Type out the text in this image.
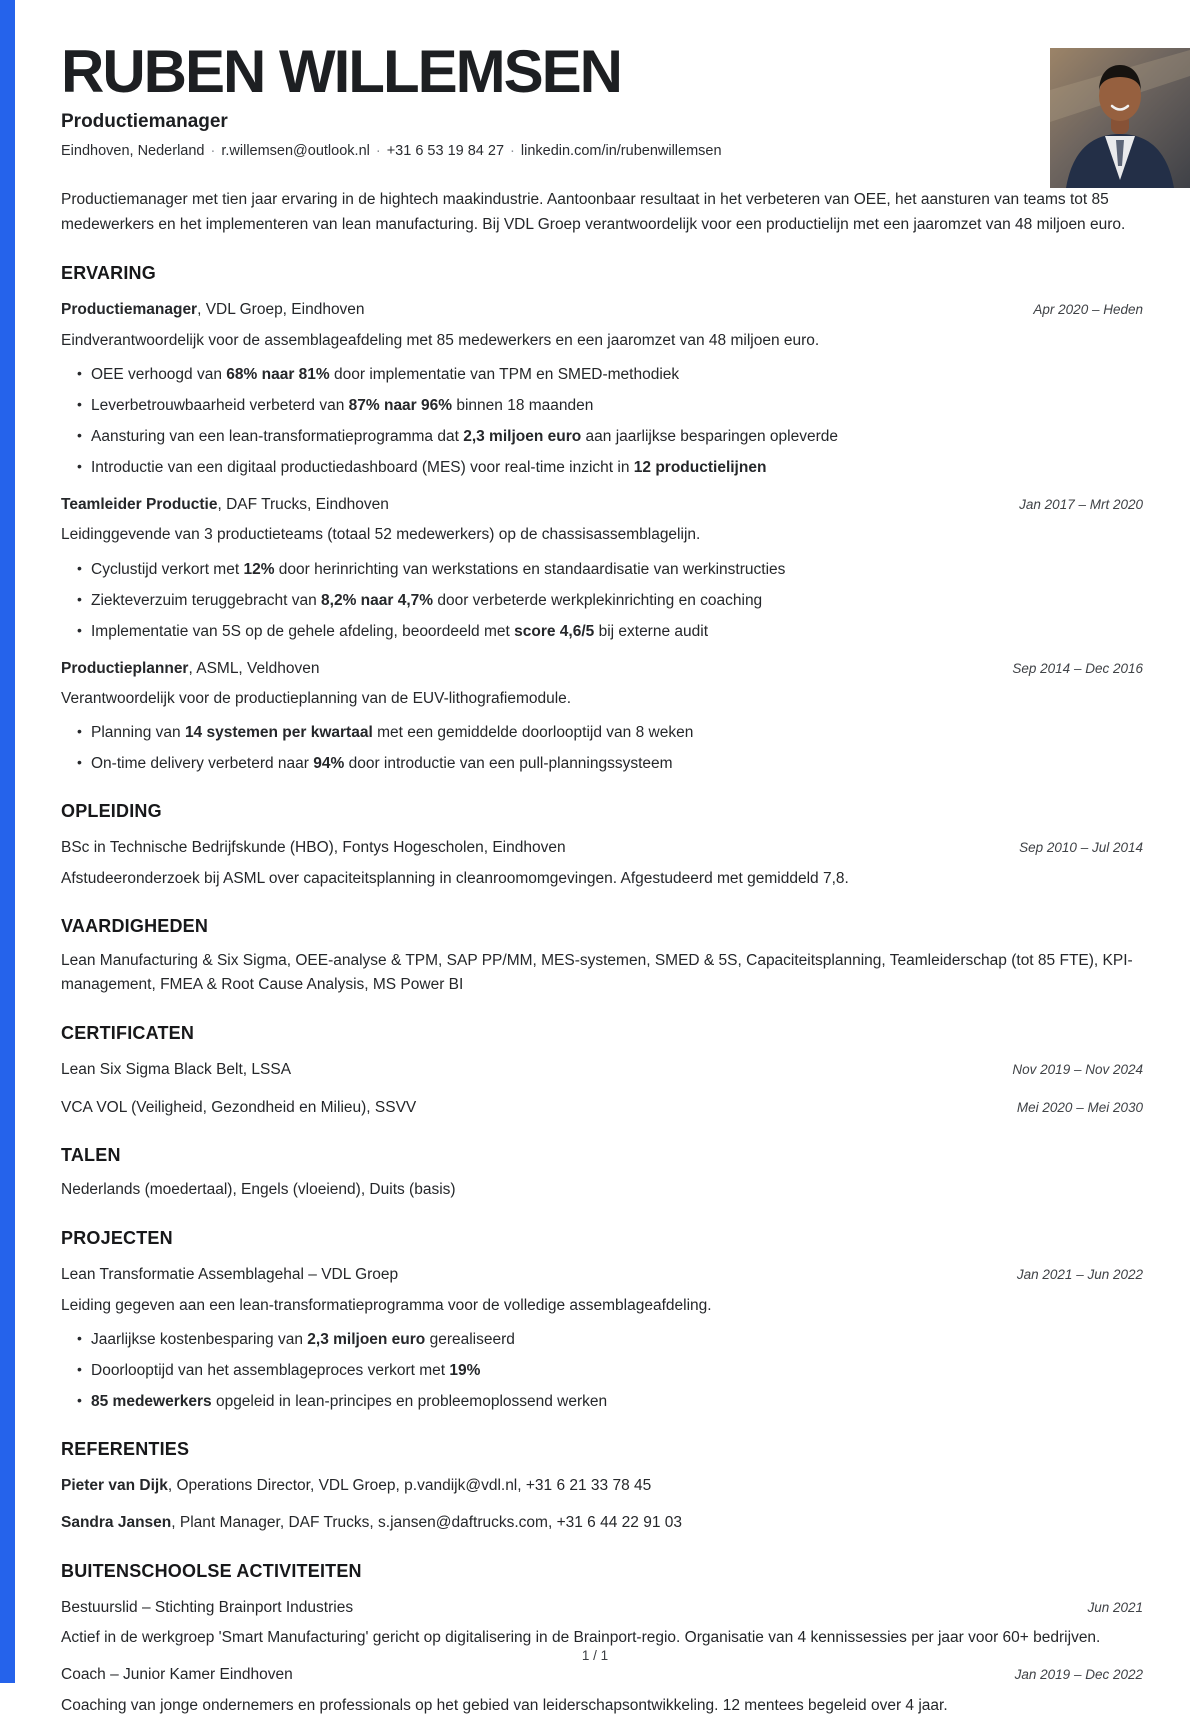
RUBEN WILLEMSEN
Productiemanager
Eindhoven, Nederland · r.willemsen@outlook.nl · +31 6 53 19 84 27 · linkedin.com/in/rubenwillemsen

Productiemanager met tien jaar ervaring in de hightech maakindustrie. Aantoonbaar resultaat in het verbeteren van OEE, het aansturen van teams tot 85 medewerkers en het implementeren van lean manufacturing. Bij VDL Groep verantwoordelijk voor een productielijn met een jaaromzet van 48 miljoen euro.

ERVARING
Productiemanager, VDL Groep, Eindhoven	Apr 2020 – Heden
Eindverantwoordelijk voor de assemblageafdeling met 85 medewerkers en een jaaromzet van 48 miljoen euro.
• OEE verhoogd van 68% naar 81% door implementatie van TPM en SMED-methodiek
• Leverbetrouwbaarheid verbeterd van 87% naar 96% binnen 18 maanden
• Aansturing van een lean-transformatieprogramma dat 2,3 miljoen euro aan jaarlijkse besparingen opleverde
• Introductie van een digitaal productiedashboard (MES) voor real-time inzicht in 12 productielijnen
Teamleider Productie, DAF Trucks, Eindhoven	Jan 2017 – Mrt 2020
Leidinggevende van 3 productieteams (totaal 52 medewerkers) op de chassisassemblagelijn.
• Cyclustijd verkort met 12% door herinrichting van werkstations en standaardisatie van werkinstructies
• Ziekteverzuim teruggebracht van 8,2% naar 4,7% door verbeterde werkplekinrichting en coaching
• Implementatie van 5S op de gehele afdeling, beoordeeld met score 4,6/5 bij externe audit
Productieplanner, ASML, Veldhoven	Sep 2014 – Dec 2016
Verantwoordelijk voor de productieplanning van de EUV-lithografiemodule.
• Planning van 14 systemen per kwartaal met een gemiddelde doorlooptijd van 8 weken
• On-time delivery verbeterd naar 94% door introductie van een pull-planningssysteem
OPLEIDING
BSc in Technische Bedrijfskunde (HBO), Fontys Hogescholen, Eindhoven	Sep 2010 – Jul 2014
Afstudeeronderzoek bij ASML over capaciteitsplanning in cleanroomomgevingen. Afgestudeerd met gemiddeld 7,8.
VAARDIGHEDEN
Lean Manufacturing & Six Sigma, OEE-analyse & TPM, SAP PP/MM, MES-systemen, SMED & 5S, Capaciteitsplanning, Teamleiderschap (tot 85 FTE), KPI-management, FMEA & Root Cause Analysis, MS Power BI
CERTIFICATEN
Lean Six Sigma Black Belt, LSSA	Nov 2019 – Nov 2024
VCA VOL (Veiligheid, Gezondheid en Milieu), SSVV	Mei 2020 – Mei 2030
TALEN
Nederlands (moedertaal), Engels (vloeiend), Duits (basis)
PROJECTEN
Lean Transformatie Assemblagehal – VDL Groep	Jan 2021 – Jun 2022
Leiding gegeven aan een lean-transformatieprogramma voor de volledige assemblageafdeling.
• Jaarlijkse kostenbesparing van 2,3 miljoen euro gerealiseerd
• Doorlooptijd van het assemblageproces verkort met 19%
• 85 medewerkers opgeleid in lean-principes en probleemoplossend werken
REFERENTIES
Pieter van Dijk, Operations Director, VDL Groep, p.vandijk@vdl.nl, +31 6 21 33 78 45
Sandra Jansen, Plant Manager, DAF Trucks, s.jansen@daftrucks.com, +31 6 44 22 91 03
BUITENSCHOOLSE ACTIVITEITEN
Bestuurslid – Stichting Brainport Industries	Jun 2021
Actief in de werkgroep 'Smart Manufacturing' gericht op digitalisering in de Brainport-regio. Organisatie van 4 kennissessies per jaar voor 60+ bedrijven.
Coach – Junior Kamer Eindhoven	Jan 2019 – Dec 2022
Coaching van jonge ondernemers en professionals op het gebied van leiderschapsontwikkeling. 12 mentees begeleid over 4 jaar.
1 / 1
